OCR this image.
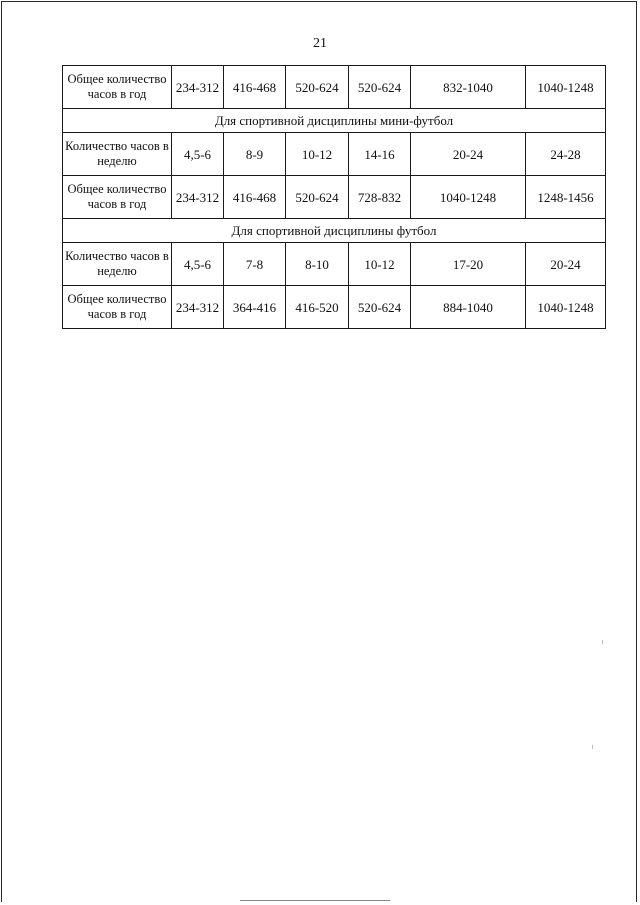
21
Общее количество часов в год	234-312	416-468	520-624	520-624	832-1040	1040-1248
Для спортивной дисциплины мини-футбол						
Количество часов в неделю	4,5-6	8-9	10-12	14-16	20-24	24-28
Общее количество часов в год	234-312	416-468	520-624	728-832	1040-1248	1248-1456
Для спортивной дисциплины футбол						
Количество часов в неделю	4,5-6	7-8	8-10	10-12	17-20	20-24
Общее количество часов в год	234-312	364-416	416-520	520-624	884-1040	1040-1248
